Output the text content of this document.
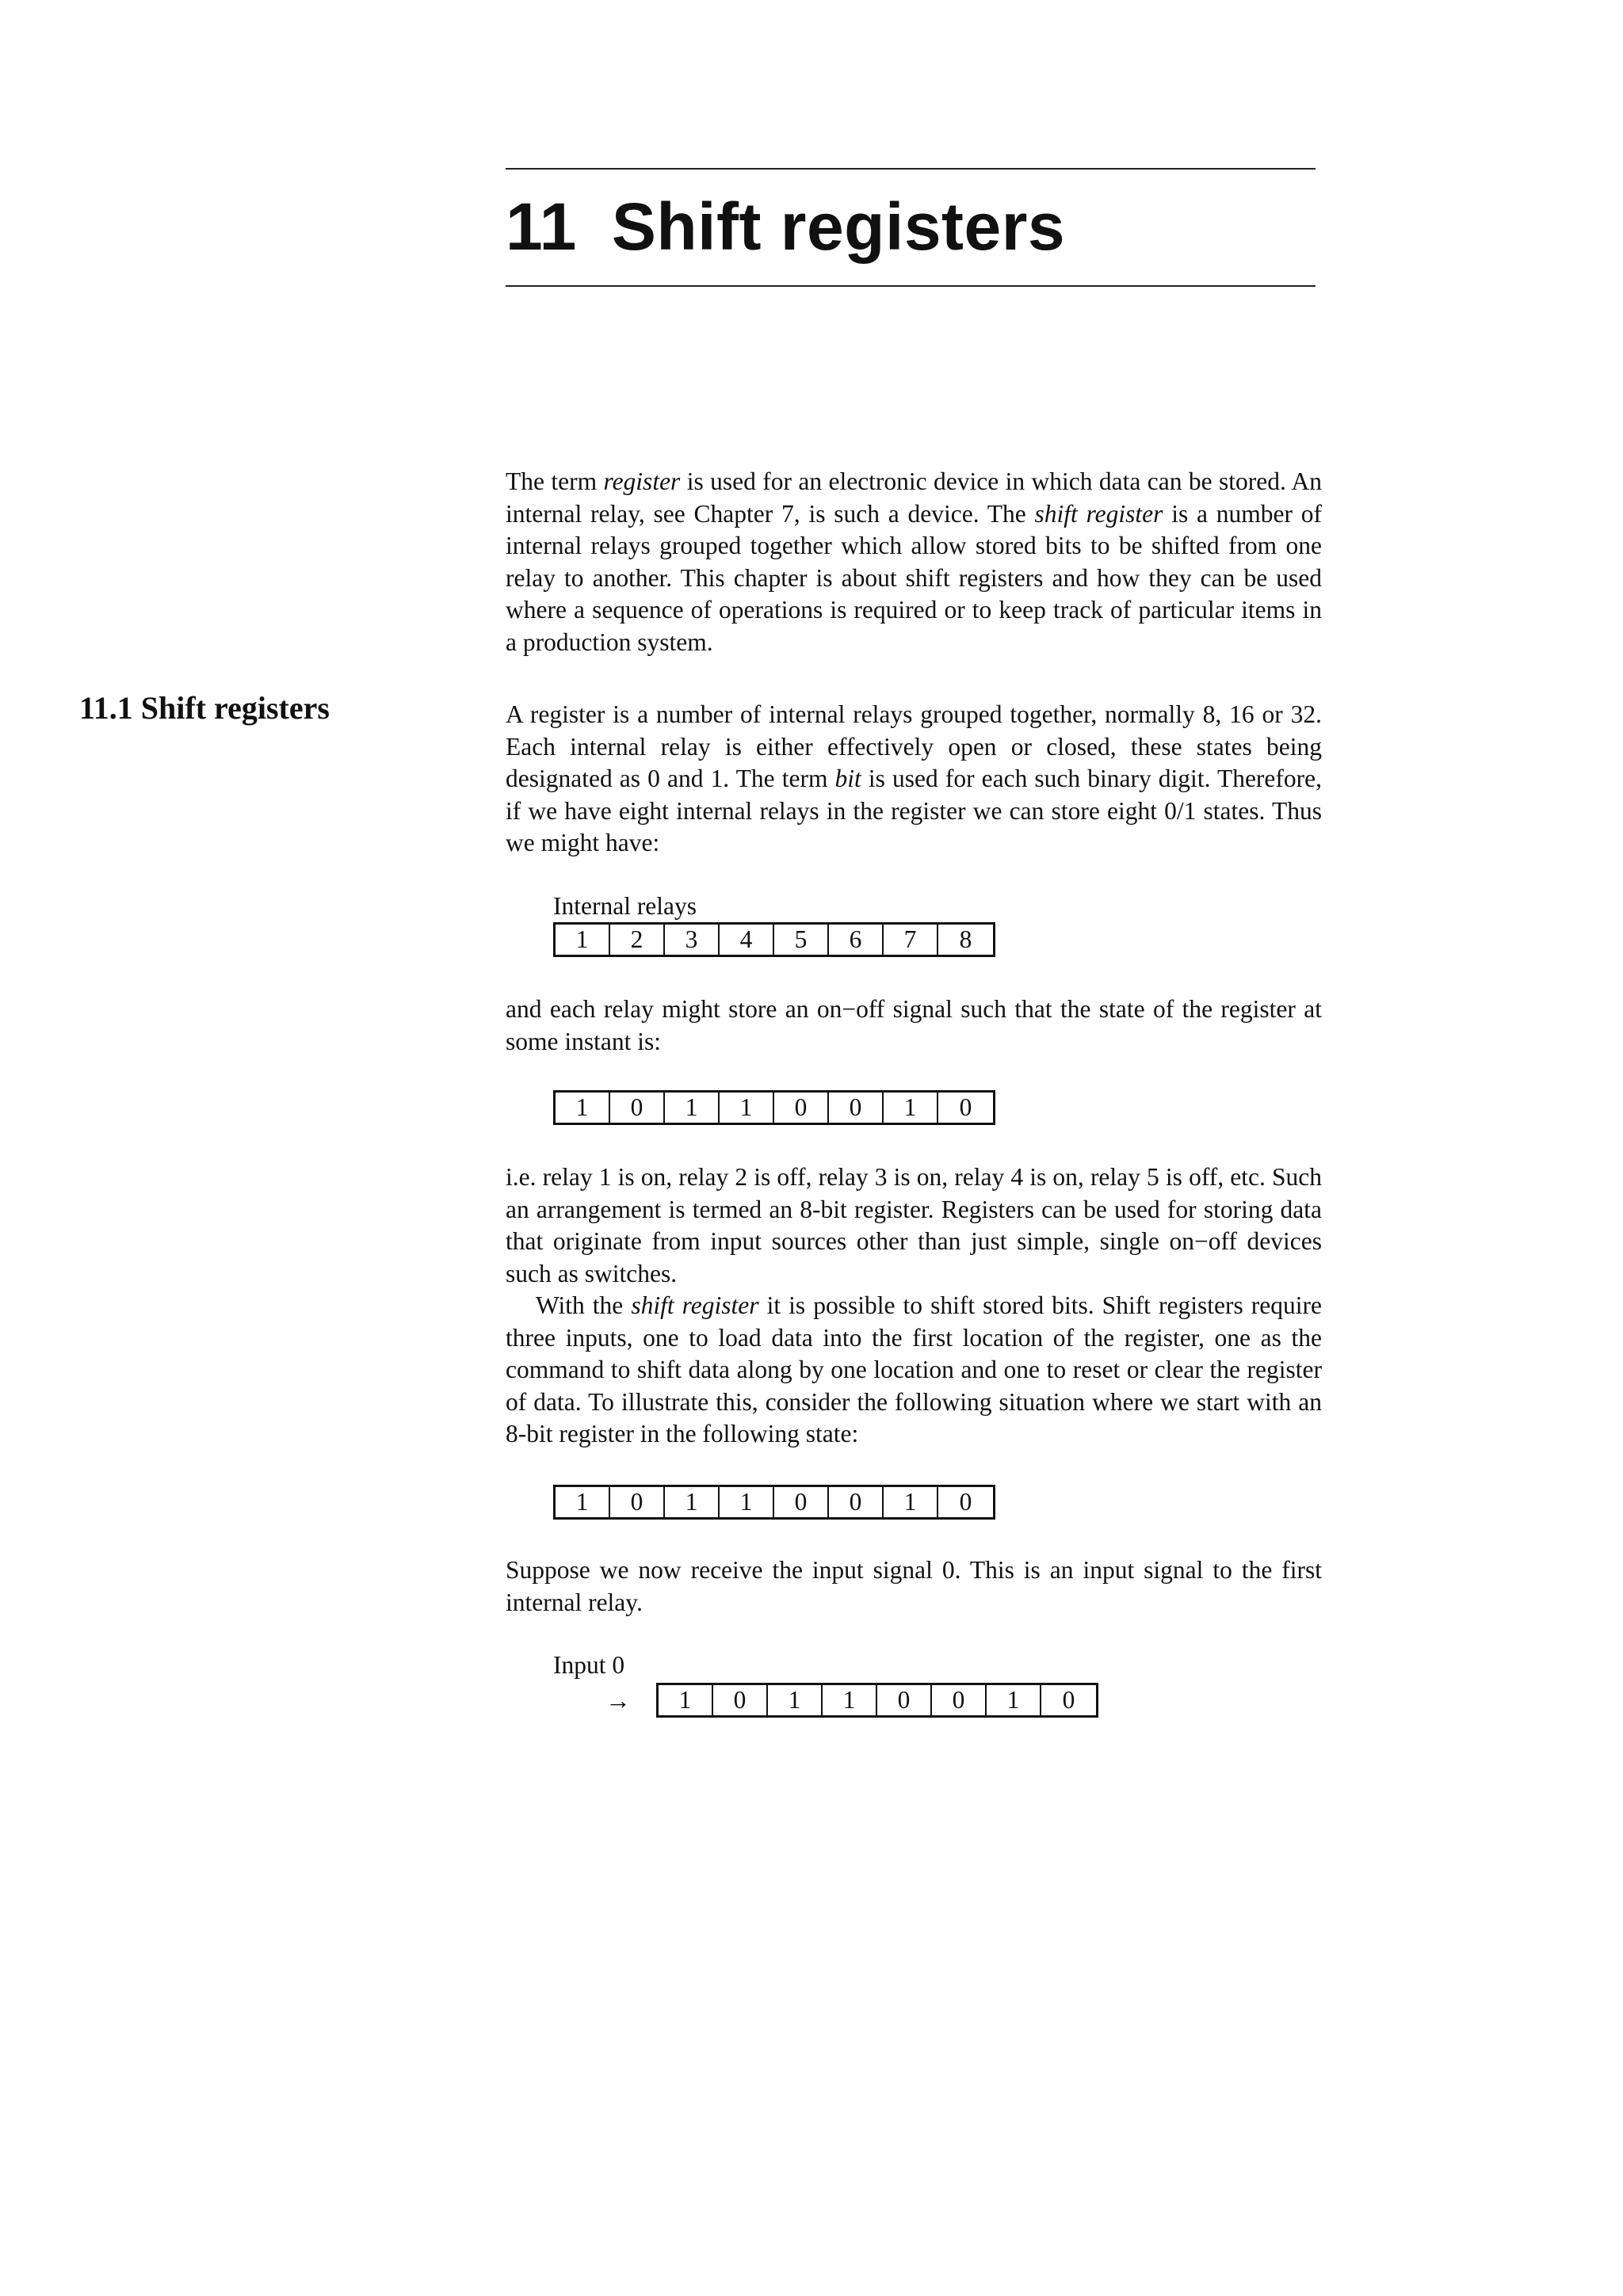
11 Shift registers

The term register is used for an electronic device in which data can be stored. An internal relay, see Chapter 7, is such a device. The shift register is a number of internal relays grouped together which allow stored bits to be shifted from one relay to another. This chapter is about shift registers and how they can be used where a sequence of operations is required or to keep track of particular items in a production system.

11.1 Shift registers	A register is a number of internal relays grouped together, normally 8, 16 or 32. Each internal relay is either effectively open or closed, these states being designated as 0 and 1. The term bit is used for each such binary digit. Therefore, if we have eight internal relays in the register we can store eight 0/1 states. Thus we might have:

Internal relays
1	2	3	4	5	6	7	8

and each relay might store an on−off signal such that the state of the register at some instant is:

1	0	1	1	0	0	1	0

i.e. relay 1 is on, relay 2 is off, relay 3 is on, relay 4 is on, relay 5 is off, etc. Such an arrangement is termed an 8-bit register. Registers can be used for storing data that originate from input sources other than just simple, single on−off devices such as switches.

With the shift register it is possible to shift stored bits. Shift registers require three inputs, one to load data into the first location of the register, one as the command to shift data along by one location and one to reset or clear the register of data. To illustrate this, consider the following situation where we start with an 8-bit register in the following state:

1	0	1	1	0	0	1	0

Suppose we now receive the input signal 0. This is an input signal to the first internal relay.

Input 0
→	1	0	1	1	0	0	1	0
